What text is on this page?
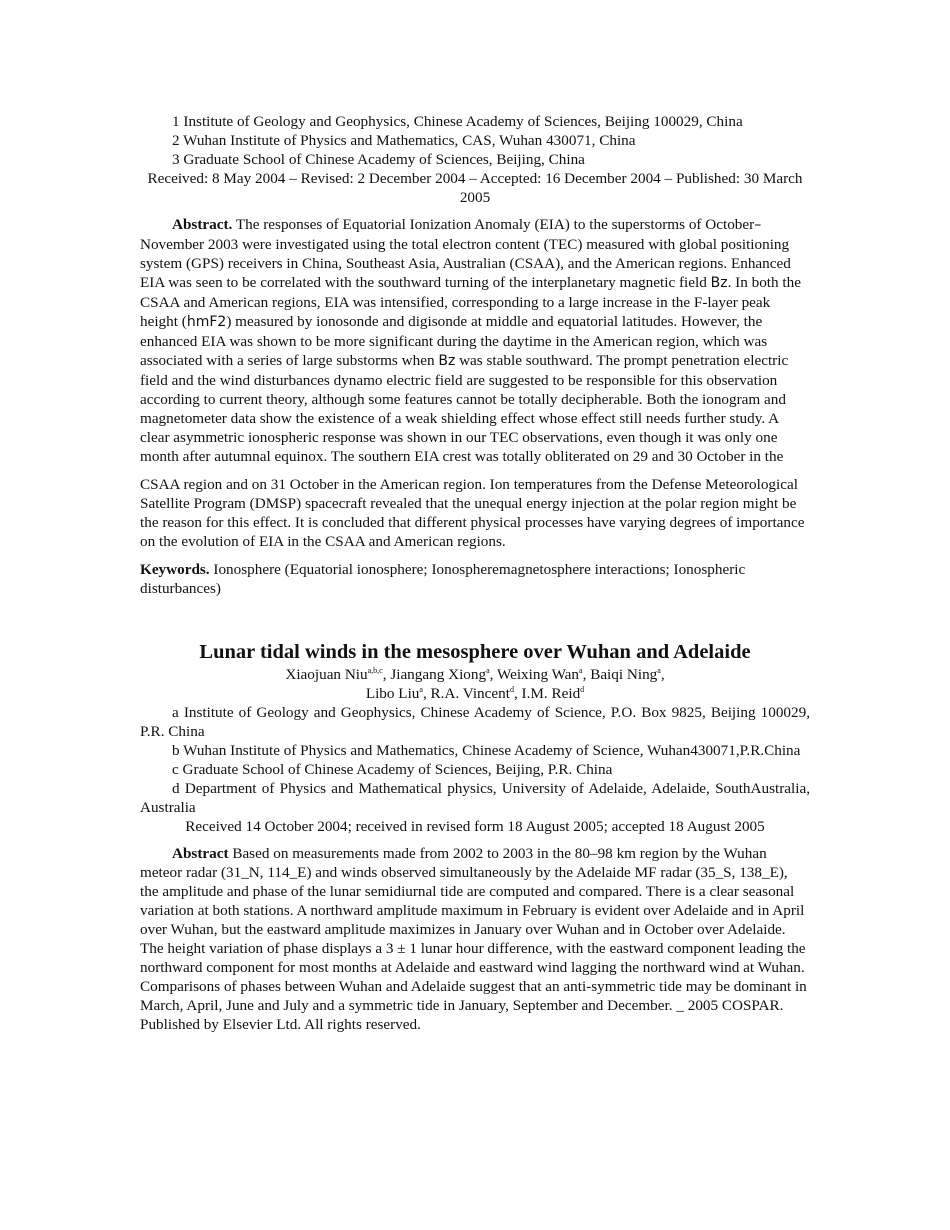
1 Institute of Geology and Geophysics, Chinese Academy of Sciences, Beijing 100029, China

2 Wuhan Institute of Physics and Mathematics, CAS, Wuhan 430071, China

3 Graduate School of Chinese Academy of Sciences, Beijing, China

Received: 8 May 2004 – Revised: 2 December 2004 – Accepted: 16 December 2004 – Published: 30 March 2005

Abstract. The responses of Equatorial Ionization Anomaly (EIA) to the superstorms of October–November 2003 were investigated using the total electron content (TEC) measured with global positioning system (GPS) receivers in China, Southeast Asia, Australian (CSAA), and the American regions. Enhanced EIA was seen to be correlated with the southward turning of the interplanetary magnetic field Bz. In both the CSAA and American regions, EIA was intensified, corresponding to a large increase in the F-layer peak height (hmF2) measured by ionosonde and digisonde at middle and equatorial latitudes. However, the enhanced EIA was shown to be more significant during the daytime in the American region, which was associated with a series of large substorms when Bz was stable southward. The prompt penetration electric field and the wind disturbances dynamo electric field are suggested to be responsible for this observation according to current theory, although some features cannot be totally decipherable. Both the ionogram and magnetometer data show the existence of a weak shielding effect whose effect still needs further study. A clear asymmetric ionospheric response was shown in our TEC observations, even though it was only one month after autumnal equinox. The southern EIA crest was totally obliterated on 29 and 30 October in the

CSAA region and on 31 October in the American region. Ion temperatures from the Defense Meteorological Satellite Program (DMSP) spacecraft revealed that the unequal energy injection at the polar region might be the reason for this effect. It is concluded that different physical processes have varying degrees of importance on the evolution of EIA in the CSAA and American regions.

Keywords. Ionosphere (Equatorial ionosphere; Ionospheremagnetosphere interactions; Ionospheric disturbances)

Lunar tidal winds in the mesosphere over Wuhan and Adelaide

Xiaojuan Niu$^{a,b,c}$, Jiangang Xiong$^a$, Weixing Wan$^a$, Baiqi Ning$^a$,

Libo Liu$^a$, R.A. Vincent$^d$, I.M. Reid$^d$

a Institute of Geology and Geophysics, Chinese Academy of Science, P.O. Box 9825, Beijing 100029, P.R. China

b Wuhan Institute of Physics and Mathematics, Chinese Academy of Science, Wuhan430071,P.R.China

c Graduate School of Chinese Academy of Sciences, Beijing, P.R. China

d Department of Physics and Mathematical physics, University of Adelaide, Adelaide, SouthAustralia, Australia

Received 14 October 2004; received in revised form 18 August 2005; accepted 18 August 2005

Abstract Based on measurements made from 2002 to 2003 in the 80–98 km region by the Wuhan meteor radar (31_N, 114_E) and winds observed simultaneously by the Adelaide MF radar (35_S, 138_E), the amplitude and phase of the lunar semidiurnal tide are computed and compared. There is a clear seasonal variation at both stations. A northward amplitude maximum in February is evident over Adelaide and in April over Wuhan, but the eastward amplitude maximizes in January over Wuhan and in October over Adelaide. The height variation of phase displays a 3 ± 1 lunar hour difference, with the eastward component leading the northward component for most months at Adelaide and eastward wind lagging the northward wind at Wuhan. Comparisons of phases between Wuhan and Adelaide suggest that an anti-symmetric tide may be dominant in March, April, June and July and a symmetric tide in January, September and December. _ 2005 COSPAR. Published by Elsevier Ltd. All rights reserved.
